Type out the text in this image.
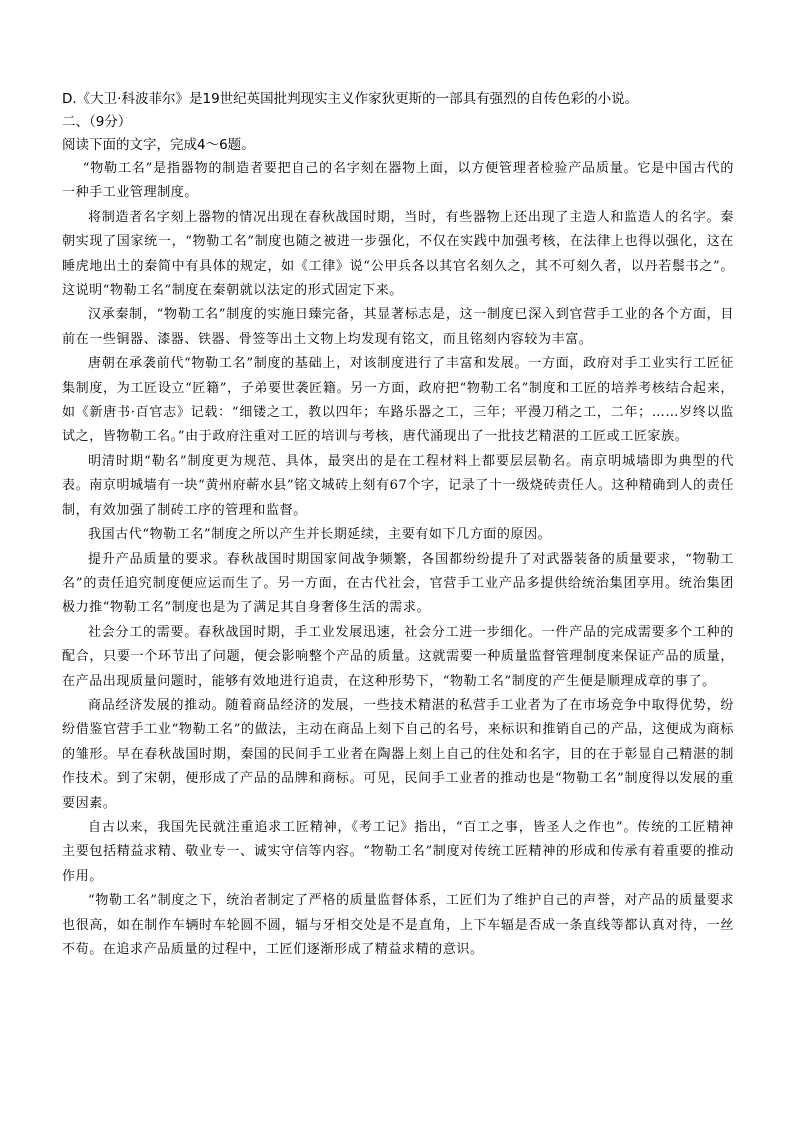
D.《大卫·科波菲尔》是19世纪英国批判现实主义作家狄更斯的一部具有强烈的自传色彩的小说。

二、（9分）

阅读下面的文字，完成4～6题。

“物勒工名”是指器物的制造者要把自己的名字刻在器物上面，以方便管理者检验产品质量。它是中国古代的一种手工业管理制度。

将制造者名字刻上器物的情况出现在春秋战国时期，当时，有些器物上还出现了主造人和监造人的名字。秦朝实现了国家统一，“物勒工名”制度也随之被进一步强化，不仅在实践中加强考核，在法律上也得以强化，这在睡虎地出土的秦简中有具体的规定，如《工律》说“公甲兵各以其官名刻久之，其不可刻久者，以丹若鬃书之”。这说明“物勒工名”制度在秦朝就以法定的形式固定下来。

汉承秦制，“物勒工名”制度的实施日臻完备，其显著标志是，这一制度已深入到官营手工业的各个方面，目前在一些铜器、漆器、铁器、骨签等出土文物上均发现有铭文，而且铭刻内容较为丰富。

唐朝在承袭前代“物勒工名”制度的基础上，对该制度进行了丰富和发展。一方面，政府对手工业实行工匠征集制度，为工匠设立“匠籍”，子弟要世袭匠籍。另一方面，政府把“物勒工名”制度和工匠的培养考核结合起来，如《新唐书·百官志》记载：“细镂之工，教以四年；车路乐器之工，三年；平漫刀稍之工，二年；……岁终以监试之，皆物勒工名。”由于政府注重对工匠的培训与考核，唐代涌现出了一批技艺精湛的工匠或工匠家族。

明清时期“勒名”制度更为规范、具体，最突出的是在工程材料上都要层层勒名。南京明城墙即为典型的代表。南京明城墙有一块“黄州府蕲水县”铭文城砖上刻有67个字，记录了十一级烧砖责任人。这种精确到人的责任制，有效加强了制砖工序的管理和监督。

我国古代“物勒工名”制度之所以产生并长期延续，主要有如下几方面的原因。

提升产品质量的要求。春秋战国时期国家间战争频繁，各国都纷纷提升了对武器装备的质量要求，“物勒工名”的责任追究制度便应运而生了。另一方面，在古代社会，官营手工业产品多提供给统治集团享用。统治集团极力推“物勒工名”制度也是为了满足其自身奢侈生活的需求。

社会分工的需要。春秋战国时期，手工业发展迅速，社会分工进一步细化。一件产品的完成需要多个工种的配合，只要一个环节出了问题，便会影响整个产品的质量。这就需要一种质量监督管理制度来保证产品的质量，在产品出现质量问题时，能够有效地进行追责，在这种形势下，“物勒工名”制度的产生便是顺理成章的事了。

商品经济发展的推动。随着商品经济的发展，一些技术精湛的私营手工业者为了在市场竞争中取得优势，纷纷借鉴官营手工业“物勒工名”的做法，主动在商品上刻下自己的名号，来标识和推销自己的产品，这便成为商标的雏形。早在春秋战国时期，秦国的民间手工业者在陶器上刻上自己的住处和名字，目的在于彰显自己精湛的制作技术。到了宋朝，便形成了产品的品牌和商标。可见，民间手工业者的推动也是“物勒工名”制度得以发展的重要因素。

自古以来，我国先民就注重追求工匠精神，《考工记》指出，“百工之事，皆圣人之作也”。传统的工匠精神主要包括精益求精、敬业专一、诚实守信等内容。“物勒工名”制度对传统工匠精神的形成和传承有着重要的推动作用。

“物勒工名”制度之下，统治者制定了严格的质量监督体系，工匠们为了维护自己的声誉，对产品的质量要求也很高，如在制作车辆时车轮圆不圆，辐与牙相交处是不是直角，上下车辐是否成一条直线等都认真对待，一丝不苟。在追求产品质量的过程中，工匠们逐渐形成了精益求精的意识。
